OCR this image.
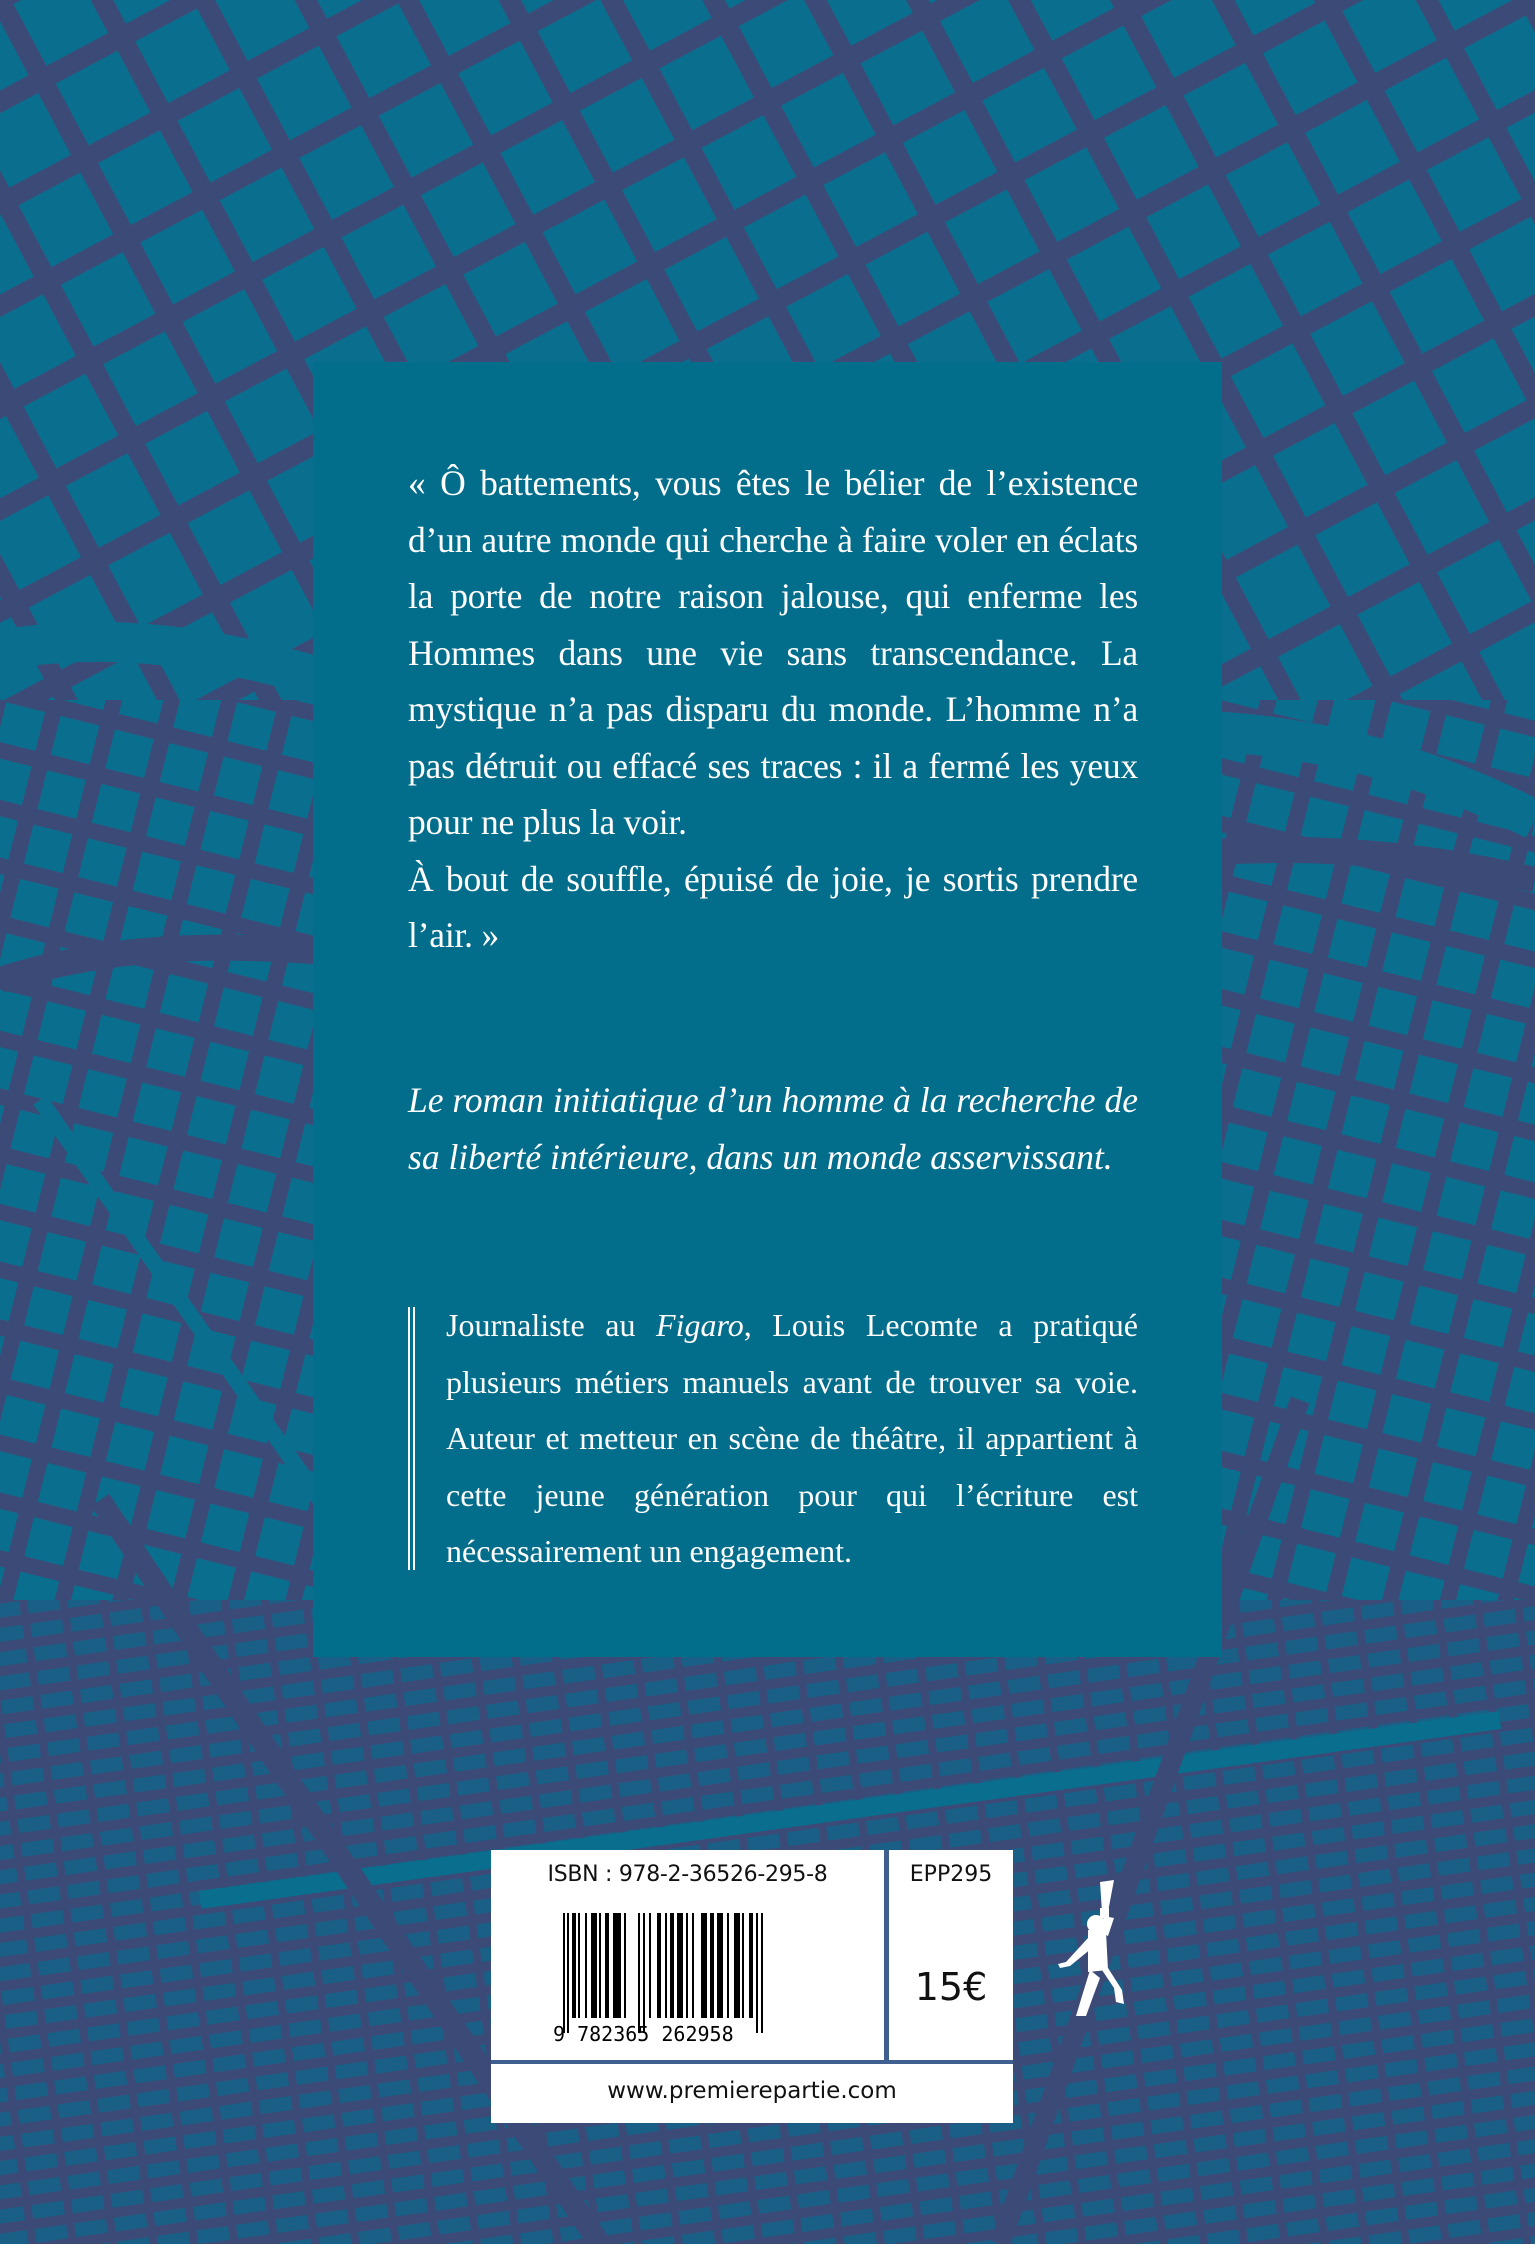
« Ô battements, vous êtes le bélier de l’existence d’un autre monde qui cherche à faire voler en éclats la porte de notre raison jalouse, qui enferme les Hommes dans une vie sans transcendance. La mystique n’a pas disparu du monde. L’homme n’a pas détruit ou effacé ses traces : il a fermé les yeux pour ne plus la voir.

À bout de souffle, épuisé de joie, je sortis prendre l’air. »

Le roman initiatique d’un homme à la recherche de sa liberté intérieure, dans un monde asservissant.
Journaliste au Figaro, Louis Lecomte a pratiqué plusieurs métiers manuels avant de trouver sa voie. Auteur et metteur en scène de théâtre, il appartient à cette jeune génération pour qui l’écriture est nécessairement un engagement.
ISBN : 978-2-36526-295-8
9 782365 262958
EPP295
15€
www.premierepartie.com
